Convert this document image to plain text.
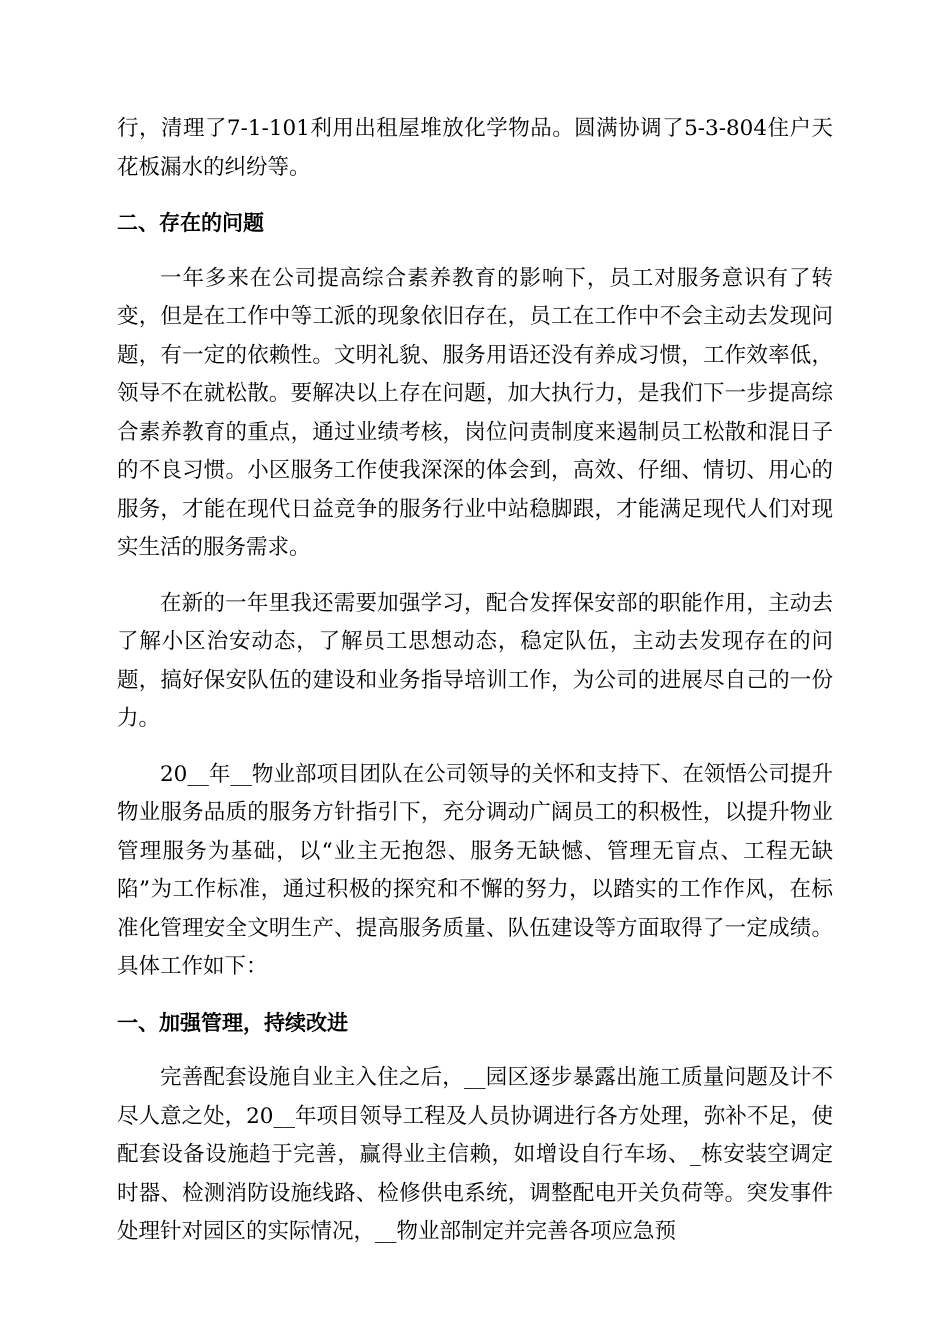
行，清理了7-1-101利用出租屋堆放化学物品。圆满协调了5-3-804住户天花板漏水的纠纷等。

二、存在的问题

一年多来在公司提高综合素养教育的影响下，员工对服务意识有了转变，但是在工作中等工派的现象依旧存在，员工在工作中不会主动去发现问题，有一定的依赖性。文明礼貌、服务用语还没有养成习惯，工作效率低，领导不在就松散。要解决以上存在问题，加大执行力，是我们下一步提高综合素养教育的重点，通过业绩考核，岗位问责制度来遏制员工松散和混日子的不良习惯。小区服务工作使我深深的体会到，高效、仔细、情切、用心的服务，才能在现代日益竞争的服务行业中站稳脚跟，才能满足现代人们对现实生活的服务需求。

在新的一年里我还需要加强学习，配合发挥保安部的职能作用，主动去了解小区治安动态，了解员工思想动态，稳定队伍，主动去发现存在的问题，搞好保安队伍的建设和业务指导培训工作，为公司的进展尽自己的一份力。

20__年__物业部项目团队在公司领导的关怀和支持下、在领悟公司提升物业服务品质的服务方针指引下，充分调动广阔员工的积极性，以提升物业管理服务为基础，以“业主无抱怨、服务无缺憾、管理无盲点、工程无缺陷”为工作标准，通过积极的探究和不懈的努力，以踏实的工作作风，在标准化管理安全文明生产、提高服务质量、队伍建设等方面取得了一定成绩。具体工作如下：

一、加强管理，持续改进

完善配套设施自业主入住之后，__园区逐步暴露出施工质量问题及计不尽人意之处，20__年项目领导工程及人员协调进行各方处理，弥补不足，使配套设备设施趋于完善，赢得业主信赖，如增设自行车场、_栋安装空调定时器、检测消防设施线路、检修供电系统，调整配电开关负荷等。突发事件处理针对园区的实际情况，__物业部制定并完善各项应急预
